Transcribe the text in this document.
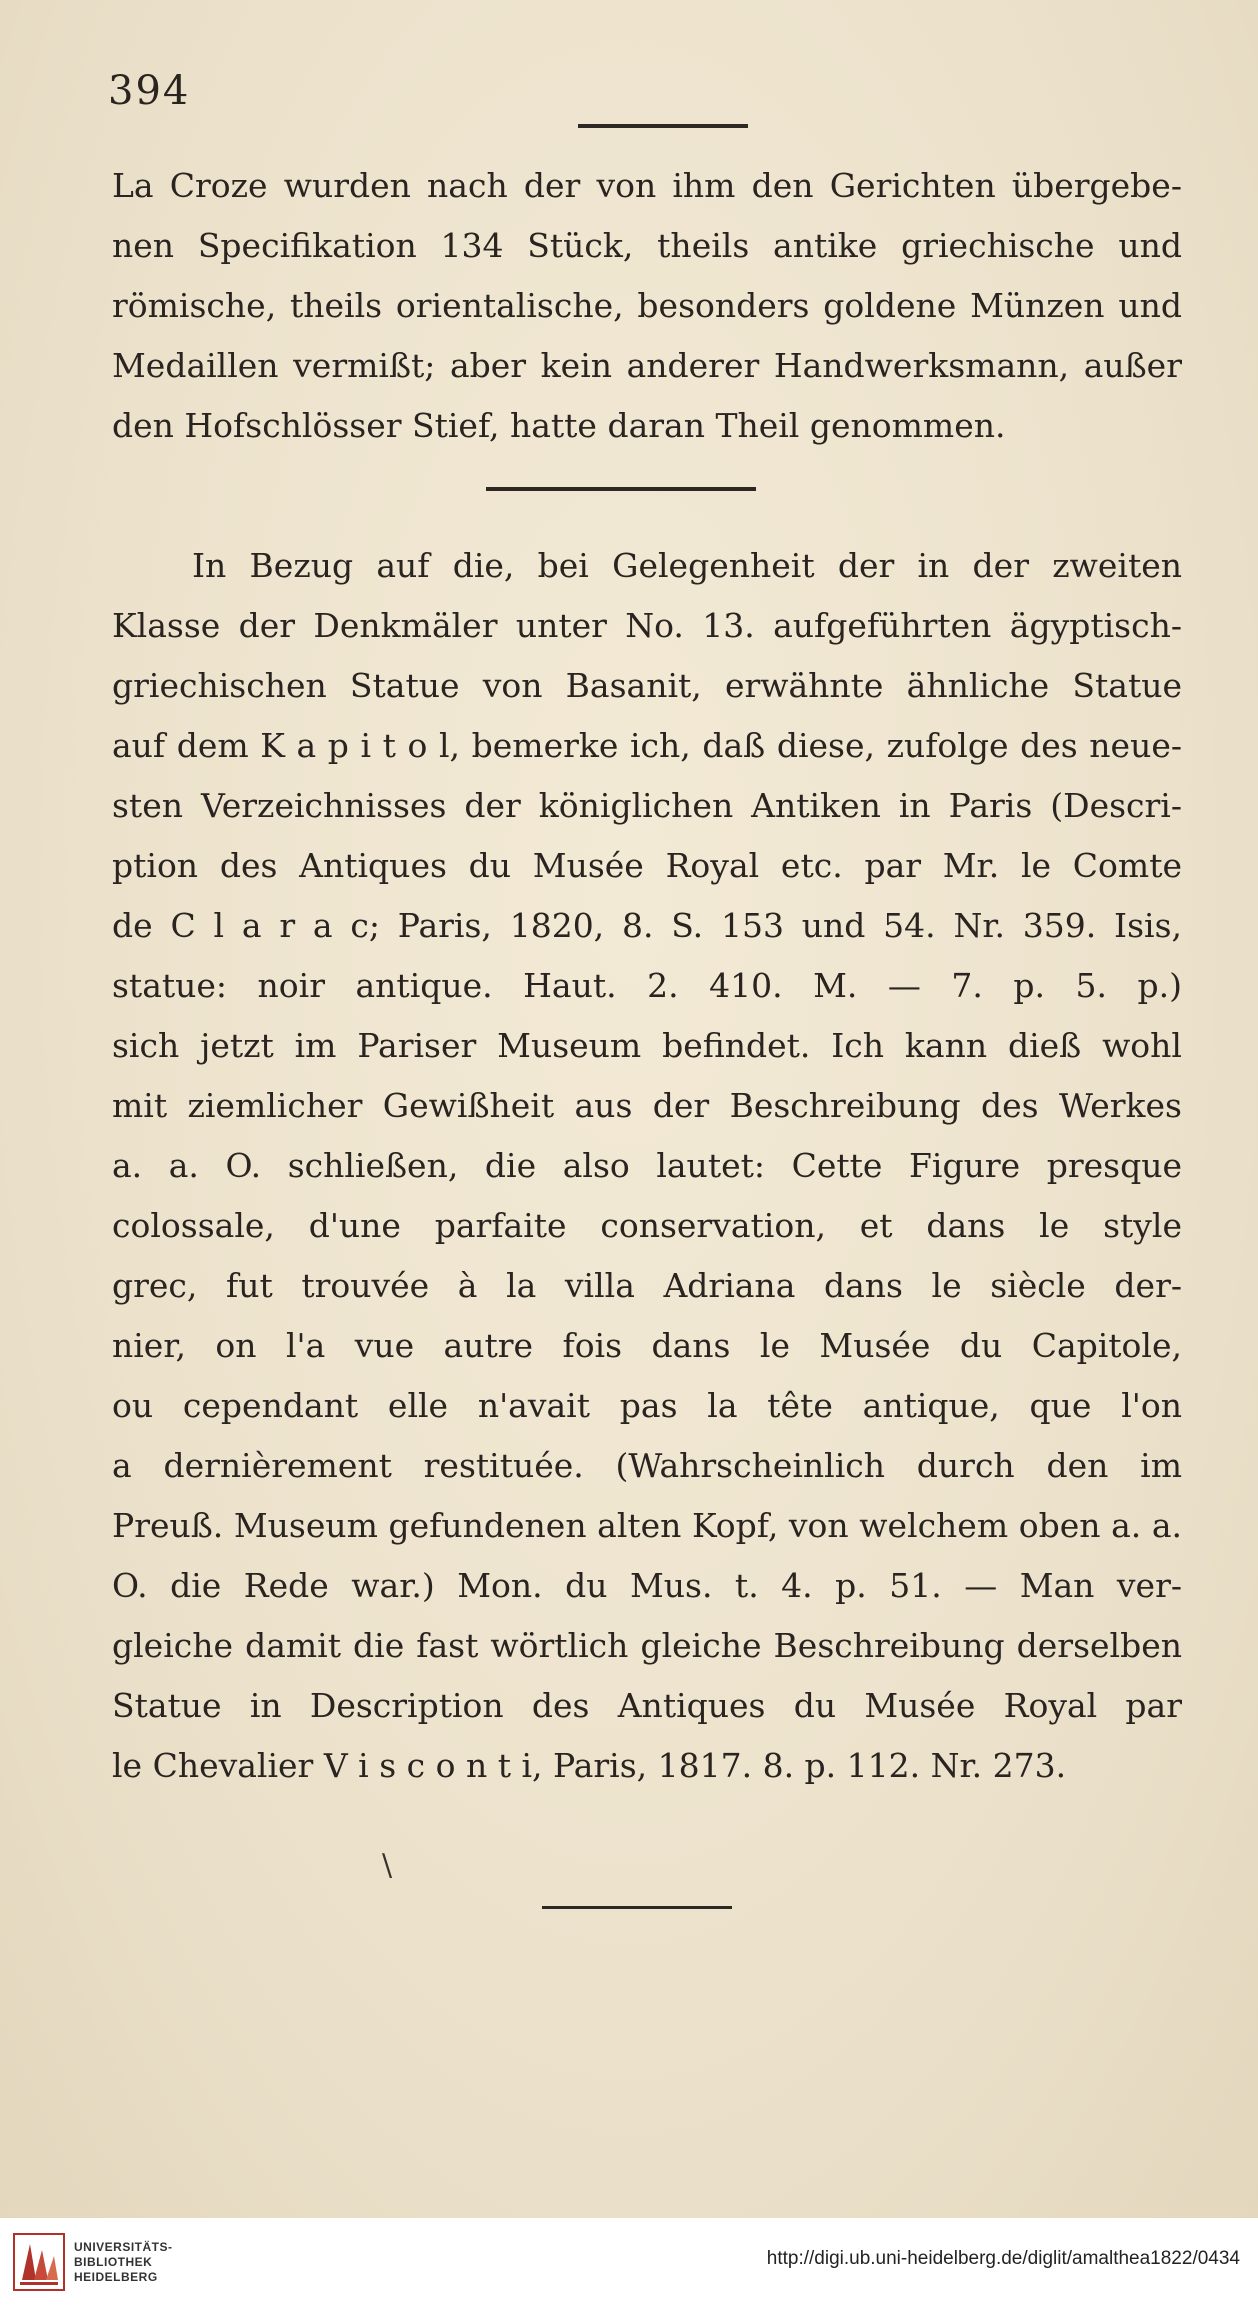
394
La Croze wurden nach der von ihm den Gerichten übergebe-
nen Specifikation 134 Stück, theils antike griechische und
römische, theils orientalische, besonders goldene Münzen und
Medaillen vermißt; aber kein anderer Handwerksmann, außer
den Hofschlösser Stief, hatte daran Theil genommen.
In Bezug auf die, bei Gelegenheit der in der zweiten
Klasse der Denkmäler unter No. 13. aufgeführten ägyptisch-
griechischen Statue von Basanit, erwähnte ähnliche Statue
auf dem K a p i t o l, bemerke ich, daß diese, zufolge des neue-
sten Verzeichnisses der königlichen Antiken in Paris (Descri-
ption des Antiques du Musée Royal etc. par Mr. le Comte
de C l a r a c; Paris, 1820, 8. S. 153 und 54. Nr. 359. Isis,
statue: noir antique. Haut. 2. 410. M. — 7. p. 5. p.)
sich jetzt im Pariser Museum befindet. Ich kann dieß wohl
mit ziemlicher Gewißheit aus der Beschreibung des Werkes
a. a. O. schließen, die also lautet: Cette Figure presque
colossale, d'une parfaite conservation, et dans le style
grec, fut trouvée à la villa Adriana dans le siècle der-
nier, on l'a vue autre fois dans le Musée du Capitole,
ou cependant elle n'avait pas la tête antique, que l'on
a dernièrement restituée. (Wahrscheinlich durch den im
Preuß. Museum gefundenen alten Kopf, von welchem oben a. a.
O. die Rede war.) Mon. du Mus. t. 4. p. 51. — Man ver-
gleiche damit die fast wörtlich gleiche Beschreibung derselben
Statue in Description des Antiques du Musée Royal par
le Chevalier V i s c o n t i, Paris, 1817. 8. p. 112. Nr. 273.
\
UNIVERSITÄTS-
BIBLIOTHEK
HEIDELBERG
http://digi.ub.uni-heidelberg.de/diglit/amalthea1822/0434
